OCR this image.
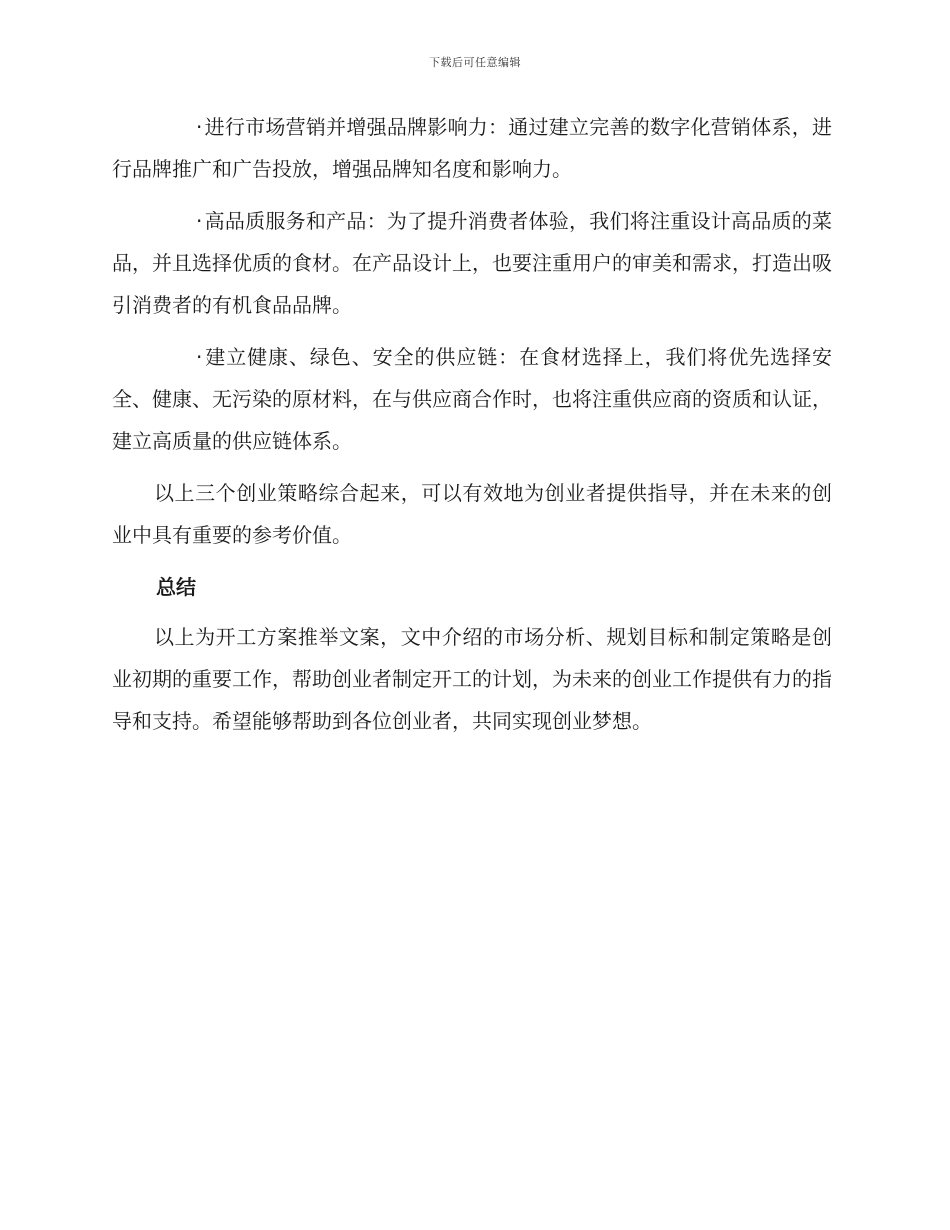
下载后可任意编辑

· 进行市场营销并增强品牌影响力：通过建立完善的数字化营销体系，进行品牌推广和广告投放，增强品牌知名度和影响力。

· 高品质服务和产品：为了提升消费者体验，我们将注重设计高品质的菜品，并且选择优质的食材。在产品设计上，也要注重用户的审美和需求，打造出吸引消费者的有机食品品牌。

· 建立健康、绿色、安全的供应链：在食材选择上，我们将优先选择安全、健康、无污染的原材料，在与供应商合作时，也将注重供应商的资质和认证，建立高质量的供应链体系。

以上三个创业策略综合起来，可以有效地为创业者提供指导，并在未来的创业中具有重要的参考价值。

总结

以上为开工方案推举文案，文中介绍的市场分析、规划目标和制定策略是创业初期的重要工作，帮助创业者制定开工的计划，为未来的创业工作提供有力的指导和支持。希望能够帮助到各位创业者，共同实现创业梦想。
